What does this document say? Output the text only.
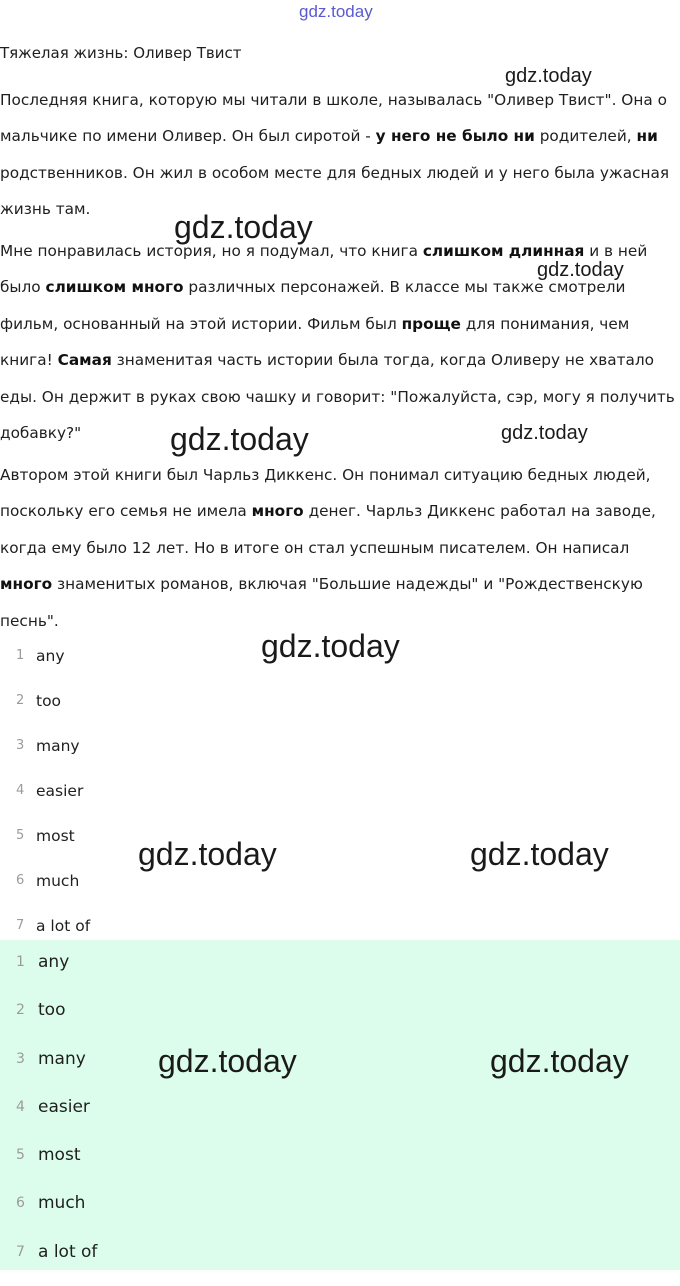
gdz.today
gdz.today
gdz.today
gdz.today
gdz.today	gdz.today
gdz.today
Тяжелая жизнь: Оливер Твист

Последняя книга, которую мы читали в школе, называлась "Оливер Твист". Она о мальчике по имени Оливер. Он был сиротой - у него не было ни родителей, ни родственников. Он жил в особом месте для бедных людей и у него была ужасная жизнь там.

Мне понравилась история, но я подумал, что книга слишком длинная и в ней было слишком много различных персонажей. В классе мы также смотрели фильм, основанный на этой истории. Фильм был проще для понимания, чем книга! Самая знаменитая часть истории была тогда, когда Оливеру не хватало еды. Он держит в руках свою чашку и говорит: "Пожалуйста, сэр, могу я получить добавку?"

Автором этой книги был Чарльз Диккенс. Он понимал ситуацию бедных людей, поскольку его семья не имела много денег. Чарльз Диккенс работал на заводе, когда ему было 12 лет. Но в итоге он стал успешным писателем. Он написал много знаменитых романов, включая "Большие надежды" и "Рождественскую песнь".

1 any
2 too
3 many
4 easier
5 most
6 much
7 a lot of
gdz.today	gdz.today
1 any
2 too
3 many
4 easier
5 most
6 much
7 a lot of
gdz.today	gdz.today
